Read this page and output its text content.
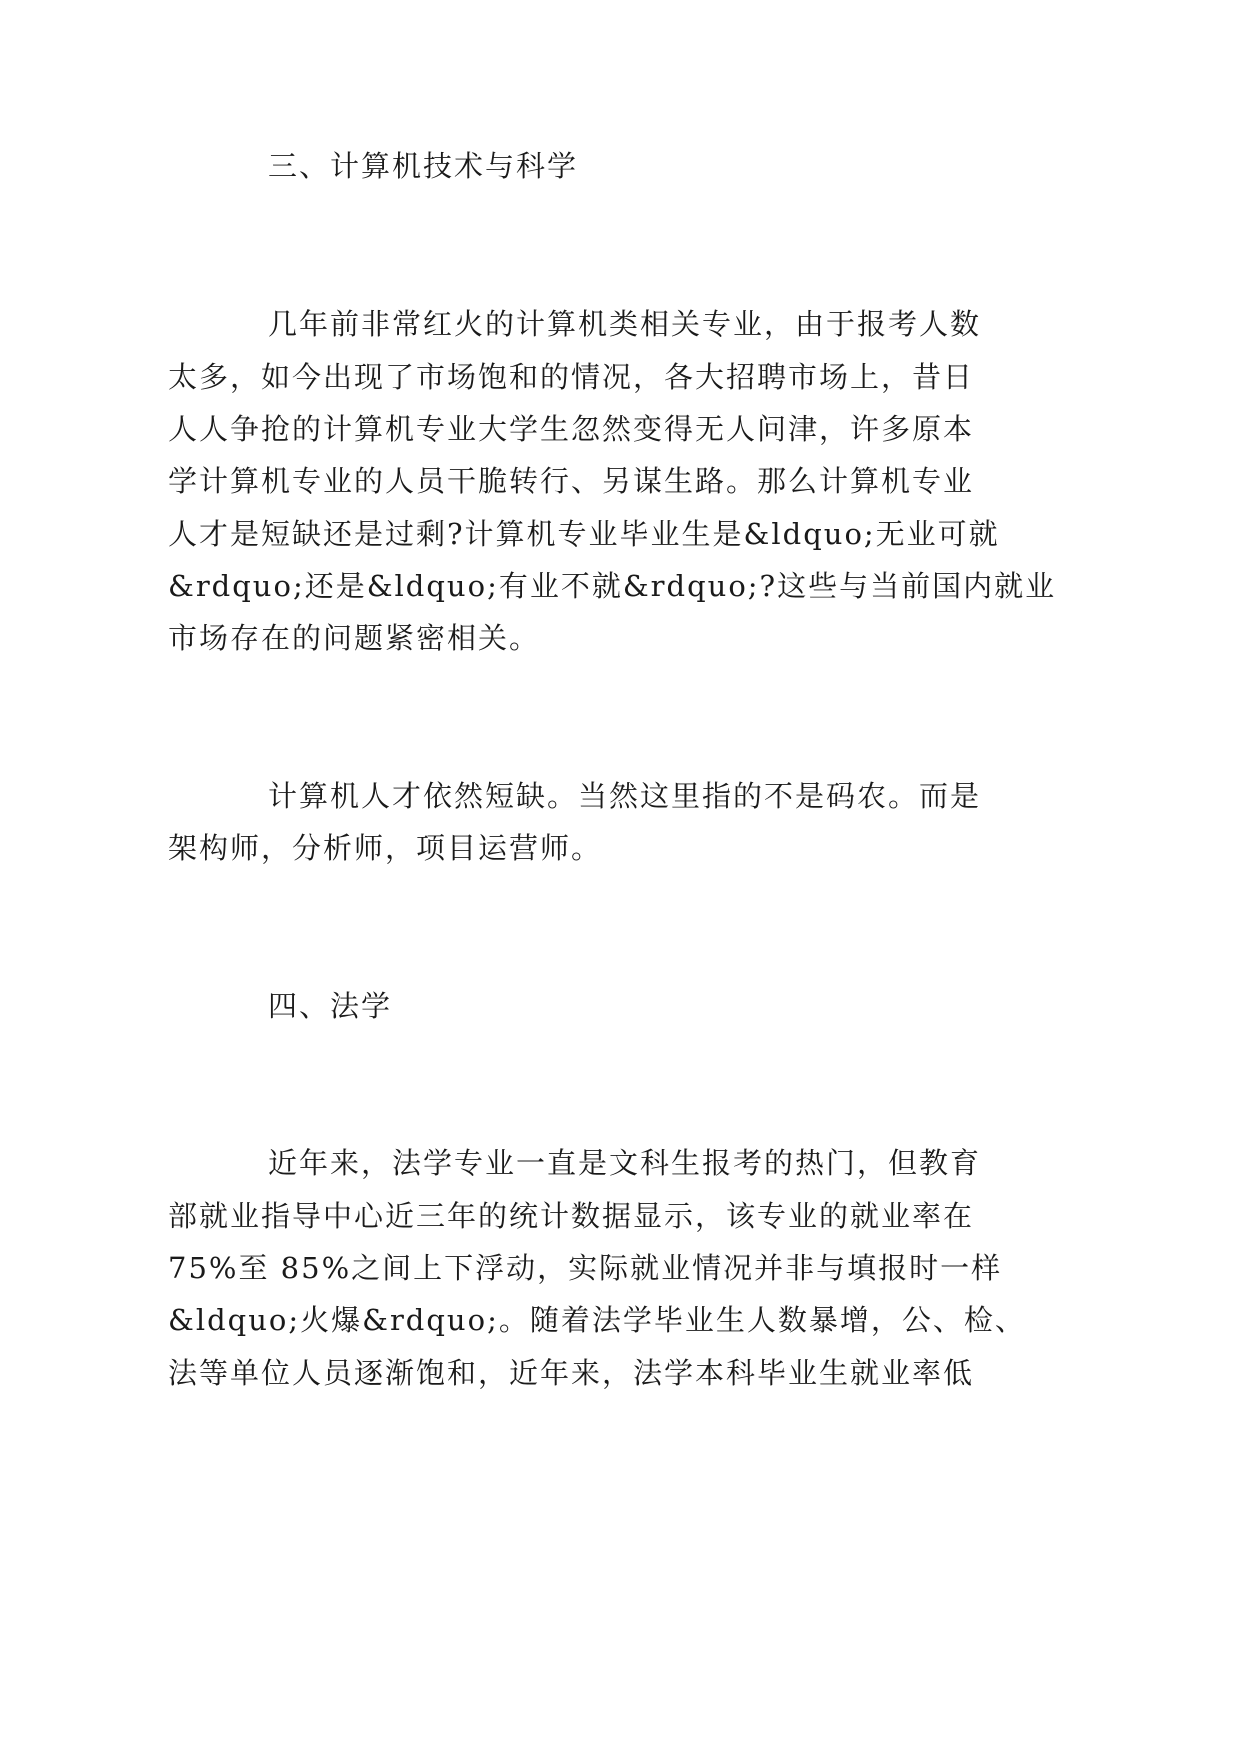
三、计算机技术与科学
几年前非常红火的计算机类相关专业，由于报考人数
太多，如今出现了市场饱和的情况，各大招聘市场上，昔日
人人争抢的计算机专业大学生忽然变得无人问津，许多原本
学计算机专业的人员干脆转行、另谋生路。那么计算机专业
人才是短缺还是过剩?计算机专业毕业生是&ldquo;无业可就
&rdquo;还是&ldquo;有业不就&rdquo;?这些与当前国内就业
市场存在的问题紧密相关。
计算机人才依然短缺。当然这里指的不是码农。而是
架构师，分析师，项目运营师。
四、法学
近年来，法学专业一直是文科生报考的热门，但教育
部就业指导中心近三年的统计数据显示，该专业的就业率在
75%至 85%之间上下浮动，实际就业情况并非与填报时一样
&ldquo;火爆&rdquo;。随着法学毕业生人数暴增，公、检、
法等单位人员逐渐饱和，近年来，法学本科毕业生就业率低
